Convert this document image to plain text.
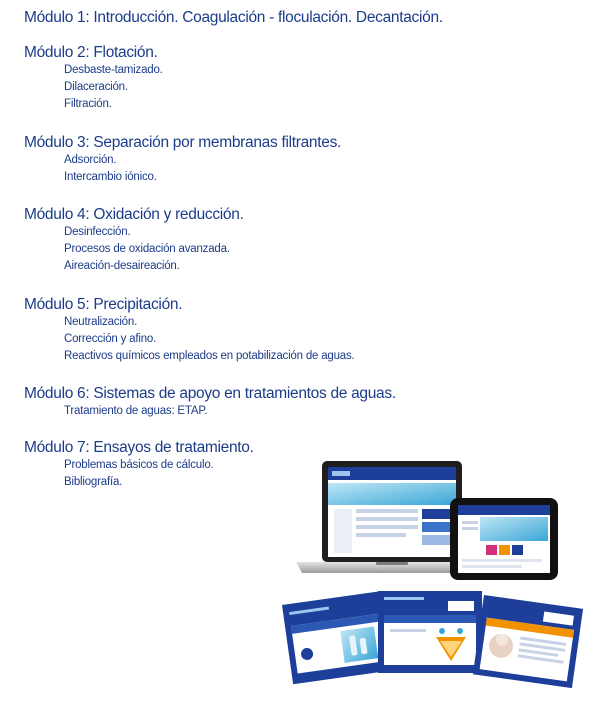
Módulo 1: Introducción. Coagulación - floculación. Decantación.
Módulo 2: Flotación.
Desbaste-tamizado.
Dilaceración.
Filtración.
Módulo 3: Separación por membranas filtrantes.
Adsorción.
Intercambio iónico.
Módulo 4: Oxidación y reducción.
Desinfección.
Procesos de oxidación avanzada.
Aireación-desaireación.
Módulo 5: Precipitación.
Neutralización.
Corrección y afino.
Reactivos químicos empleados en potabilización de aguas.
Módulo 6: Sistemas de apoyo en tratamientos de aguas.
Tratamiento de aguas: ETAP.
Módulo 7: Ensayos de tratamiento.
Problemas básicos de cálculo.
Bibliografía.
